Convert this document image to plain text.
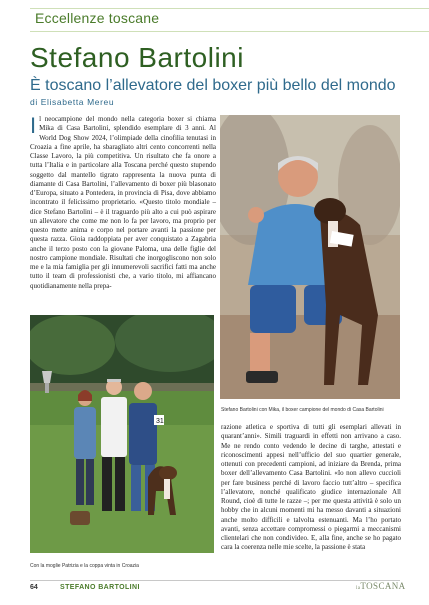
Eccellenze toscane
Stefano Bartolini
È toscano l’allevatore del boxer più bello del mondo
di Elisabetta Mereu

Il neocampione del mondo nella categoria boxer si chiama Mika di Casa Bartolini, splendido esemplare di 3 anni. Al World Dog Show 2024, l’olimpiade della cinofilia tenutasi in Croazia a fine aprile, ha sbaragliato altri cento concorrenti nella Classe Lavoro, la più competitiva. Un risultato che fa onore a tutta l’Italia e in particolare alla Toscana perché questo stupendo soggetto dal mantello tigrato rappresenta la nuova punta di diamante di Casa Bartolini, l’allevamento di boxer più blasonato d’Europa, situato a Pontedera, in provincia di Pisa, dove abbiamo incontrato il felicissimo proprietario. «Questo titolo mondiale – dice Stefano Bartolini – è il traguardo più alto a cui può aspirare un allevatore che come me non lo fa per lavoro, ma proprio per questo mette anima e corpo nel portare avanti la passione per questa razza. Gioia raddoppiata per aver conquistato a Zagabria anche il terzo posto con la giovane Paloma, una delle figlie del nostro campione mondiale. Risultati che inorgogliscono non solo me e la mia famiglia per gli innumerevoli sacrifici fatti ma anche tutto il team di professionisti che, a vario titolo, mi affiancano quotidianamente nella prepa-

31
Con la moglie Patrizia e la coppa vinta in Croazia
Stefano Bartolini con Mika, il boxer campione del mondo di Casa Bartolini

razione atletica e sportiva di tutti gli esemplari allevati in quarant’anni». Simili traguardi in effetti non arrivano a caso. Me ne rendo conto vedendo le decine di targhe, attestati e riconoscimenti appesi nell’ufficio del suo quartier generale, ottenuti con precedenti campioni, ad iniziare da Brenda, prima boxer dell’allevamento Casa Bartolini. «Io non allevo cuccioli per fare business perché di lavoro faccio tutt’altro – specifica l’allevatore, nonché qualificato giudice internazionale All Round, cioè di tutte le razze –; per me questa attività è solo un hobby che in alcuni momenti mi ha messo davanti a situazioni anche molto difficili e talvolta estenuanti. Ma l’ho portato avanti, senza accettare compromessi o piegarmi a meccanismi clientelari che non condivideo. E, alla fine, anche se ho pagato cara la coerenza nelle mie scelte, la passione è stata

64	STEFANO BARTOLINI	laTOSCANA
